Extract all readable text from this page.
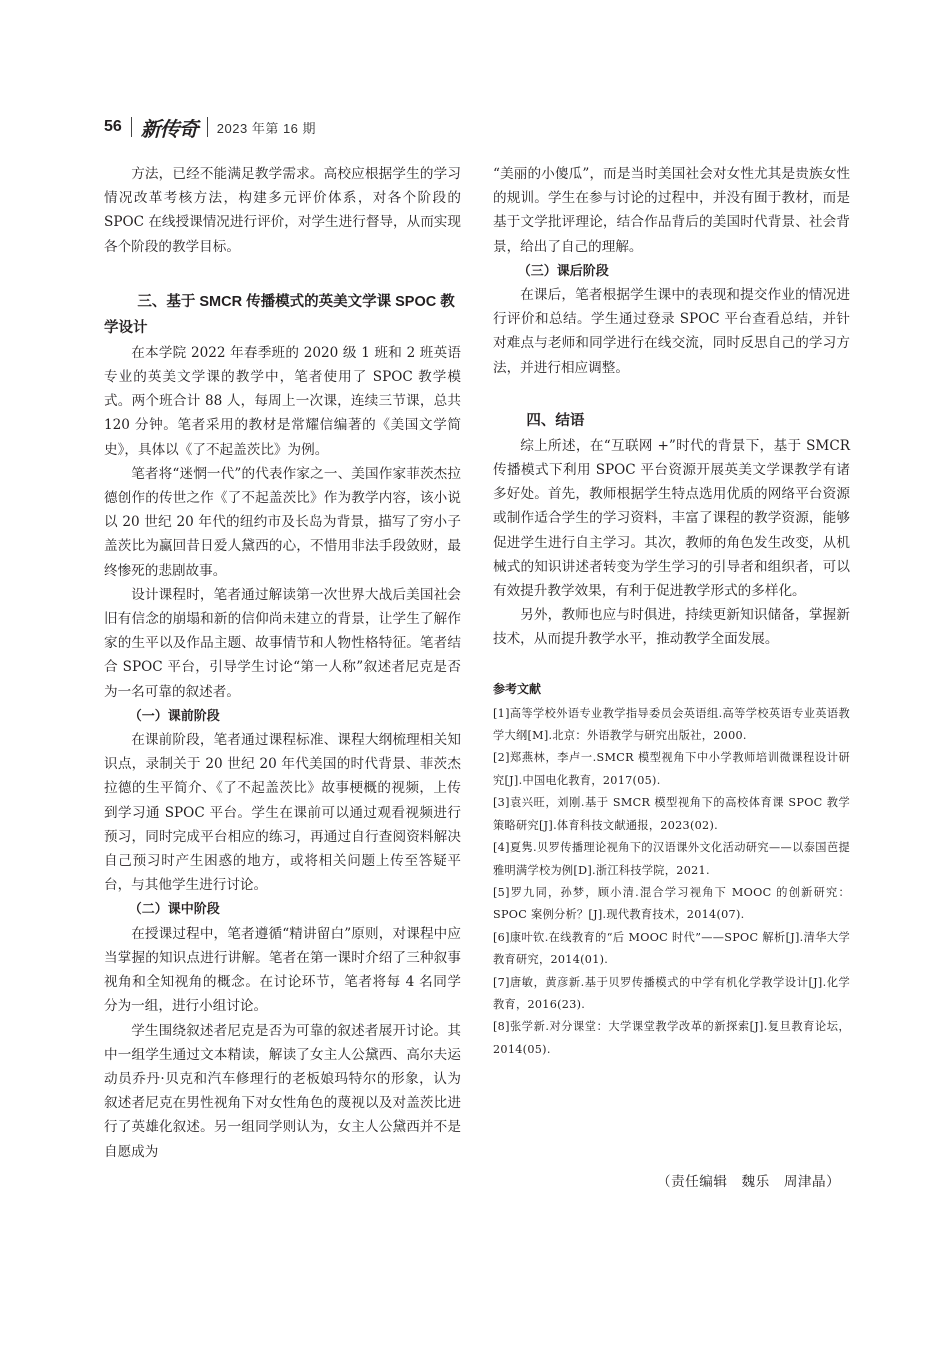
56 新传奇 2023 年第 16 期

方法，已经不能满足教学需求。高校应根据学生的学习情况改革考核方法，构建多元评价体系，对各个阶段的 SPOC 在线授课情况进行评价，对学生进行督导，从而实现各个阶段的教学目标。

三、基于 SMCR 传播模式的英美文学课 SPOC 教学设计

在本学院 2022 年春季班的 2020 级 1 班和 2 班英语专业的英美文学课的教学中，笔者使用了 SPOC 教学模式。两个班合计 88 人，每周上一次课，连续三节课，总共 120 分钟。笔者采用的教材是常耀信编著的《美国文学简史》，具体以《了不起盖茨比》为例。

笔者将“迷惘一代”的代表作家之一、美国作家菲茨杰拉德创作的传世之作《了不起盖茨比》作为教学内容，该小说以 20 世纪 20 年代的纽约市及长岛为背景，描写了穷小子盖茨比为赢回昔日爱人黛西的心，不惜用非法手段敛财，最终惨死的悲剧故事。

设计课程时，笔者通过解读第一次世界大战后美国社会旧有信念的崩塌和新的信仰尚未建立的背景，让学生了解作家的生平以及作品主题、故事情节和人物性格特征。笔者结合 SPOC 平台，引导学生讨论“第一人称”叙述者尼克是否为一名可靠的叙述者。

（一）课前阶段

在课前阶段，笔者通过课程标准、课程大纲梳理相关知识点，录制关于 20 世纪 20 年代美国的时代背景、菲茨杰拉德的生平简介、《了不起盖茨比》故事梗概的视频，上传到学习通 SPOC 平台。学生在课前可以通过观看视频进行预习，同时完成平台相应的练习，再通过自行查阅资料解决自己预习时产生困惑的地方，或将相关问题上传至答疑平台，与其他学生进行讨论。

（二）课中阶段

在授课过程中，笔者遵循“精讲留白”原则，对课程中应当掌握的知识点进行讲解。笔者在第一课时介绍了三种叙事视角和全知视角的概念。在讨论环节，笔者将每 4 名同学分为一组，进行小组讨论。

学生围绕叙述者尼克是否为可靠的叙述者展开讨论。其中一组学生通过文本精读，解读了女主人公黛西、高尔夫运动员乔丹·贝克和汽车修理行的老板娘玛特尔的形象，认为叙述者尼克在男性视角下对女性角色的蔑视以及对盖茨比进行了英雄化叙述。另一组同学则认为，女主人公黛西并不是自愿成为

“美丽的小傻瓜”，而是当时美国社会对女性尤其是贵族女性的规训。学生在参与讨论的过程中，并没有囿于教材，而是基于文学批评理论，结合作品背后的美国时代背景、社会背景，给出了自己的理解。

（三）课后阶段

在课后，笔者根据学生课中的表现和提交作业的情况进行评价和总结。学生通过登录 SPOC 平台查看总结，并针对难点与老师和同学进行在线交流，同时反思自己的学习方法，并进行相应调整。

四、结语

综上所述，在“互联网 +”时代的背景下，基于 SMCR 传播模式下利用 SPOC 平台资源开展英美文学课教学有诸多好处。首先，教师根据学生特点选用优质的网络平台资源或制作适合学生的学习资料，丰富了课程的教学资源，能够促进学生进行自主学习。其次，教师的角色发生改变，从机械式的知识讲述者转变为学生学习的引导者和组织者，可以有效提升教学效果，有利于促进教学形式的多样化。

另外，教师也应与时俱进，持续更新知识储备，掌握新技术，从而提升教学水平，推动教学全面发展。

参考文献
[1]高等学校外语专业教学指导委员会英语组.高等学校英语专业英语教学大纲[M].北京：外语教学与研究出版社，2000.
[2]郑燕林，李卢一.SMCR 模型视角下中小学教师培训微课程设计研究[J].中国电化教育，2017(05).
[3]袁兴旺，刘刚.基于 SMCR 模型视角下的高校体育课 SPOC 教学策略研究[J].体育科技文献通报，2023(02).
[4]夏隽.贝罗传播理论视角下的汉语课外文化活动研究——以泰国芭提雅明满学校为例[D].浙江科技学院，2021.
[5]罗九同，孙梦，顾小清.混合学习视角下 MOOC 的创新研究：SPOC 案例分析？[J].现代教育技术，2014(07).
[6]康叶钦.在线教育的“后 MOOC 时代”——SPOC 解析[J].清华大学教育研究，2014(01).
[7]唐敏，黄彦新.基于贝罗传播模式的中学有机化学教学设计[J].化学教育，2016(23).
[8]张学新.对分课堂：大学课堂教学改革的新探索[J].复旦教育论坛，2014(05).
（责任编辑　魏乐　周津晶）
